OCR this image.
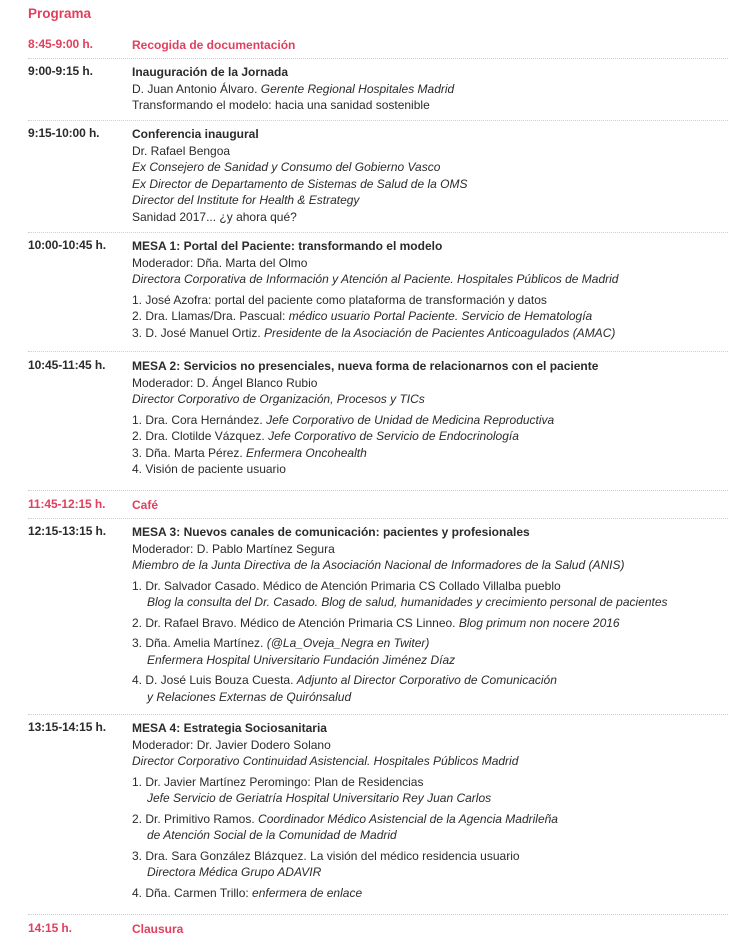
Programa
8:45-9:00 h.	Recogida de documentación
9:00-9:15 h.	Inauguración de la Jornada
D. Juan Antonio Álvaro. Gerente Regional Hospitales Madrid
Transformando el modelo: hacia una sanidad sostenible
9:15-10:00 h.	Conferencia inaugural
Dr. Rafael Bengoa
Ex Consejero de Sanidad y Consumo del Gobierno Vasco
Ex Director de Departamento de Sistemas de Salud de la OMS
Director del Institute for Health & Estrategy
Sanidad 2017... ¿y ahora qué?
10:00-10:45 h.	MESA 1: Portal del Paciente: transformando el modelo
Moderador: Dña. Marta del Olmo
Directora Corporativa de Información y Atención al Paciente. Hospitales Públicos de Madrid
1. José Azofra: portal del paciente como plataforma de transformación y datos
2. Dra. Llamas/Dra. Pascual: médico usuario Portal Paciente. Servicio de Hematología
3. D. José Manuel Ortiz. Presidente de la Asociación de Pacientes Anticoagulados (AMAC)
10:45-11:45 h.	MESA 2: Servicios no presenciales, nueva forma de relacionarnos con el paciente
Moderador: D. Ángel Blanco Rubio
Director Corporativo de Organización, Procesos y TICs
1. Dra. Cora Hernández. Jefe Corporativo de Unidad de Medicina Reproductiva
2. Dra. Clotilde Vázquez. Jefe Corporativo de Servicio de Endocrinología
3. Dña. Marta Pérez. Enfermera Oncohealth
4. Visión de paciente usuario
11:45-12:15 h.	Café
12:15-13:15 h.	MESA 3: Nuevos canales de comunicación: pacientes y profesionales
Moderador: D. Pablo Martínez Segura
Miembro de la Junta Directiva de la Asociación Nacional de Informadores de la Salud (ANIS)
1. Dr. Salvador Casado. Médico de Atención Primaria CS Collado Villalba pueblo
Blog la consulta del Dr. Casado. Blog de salud, humanidades y crecimiento personal de pacientes
2. Dr. Rafael Bravo. Médico de Atención Primaria CS Linneo. Blog primum non nocere 2016
3. Dña. Amelia Martínez. (@La_Oveja_Negra en Twiter)
Enfermera Hospital Universitario Fundación Jiménez Díaz
4. D. José Luis Bouza Cuesta. Adjunto al Director Corporativo de Comunicación
y Relaciones Externas de Quirónsalud
13:15-14:15 h.	MESA 4: Estrategia Sociosanitaria
Moderador: Dr. Javier Dodero Solano
Director Corporativo Continuidad Asistencial. Hospitales Públicos Madrid
1. Dr. Javier Martínez Peromingo: Plan de Residencias
Jefe Servicio de Geriatría Hospital Universitario Rey Juan Carlos
2. Dr. Primitivo Ramos. Coordinador Médico Asistencial de la Agencia Madrileña
de Atención Social de la Comunidad de Madrid
3. Dra. Sara González Blázquez. La visión del médico residencia usuario
Directora Médica Grupo ADAVIR
4. Dña. Carmen Trillo: enfermera de enlace
14:15 h.	Clausura
